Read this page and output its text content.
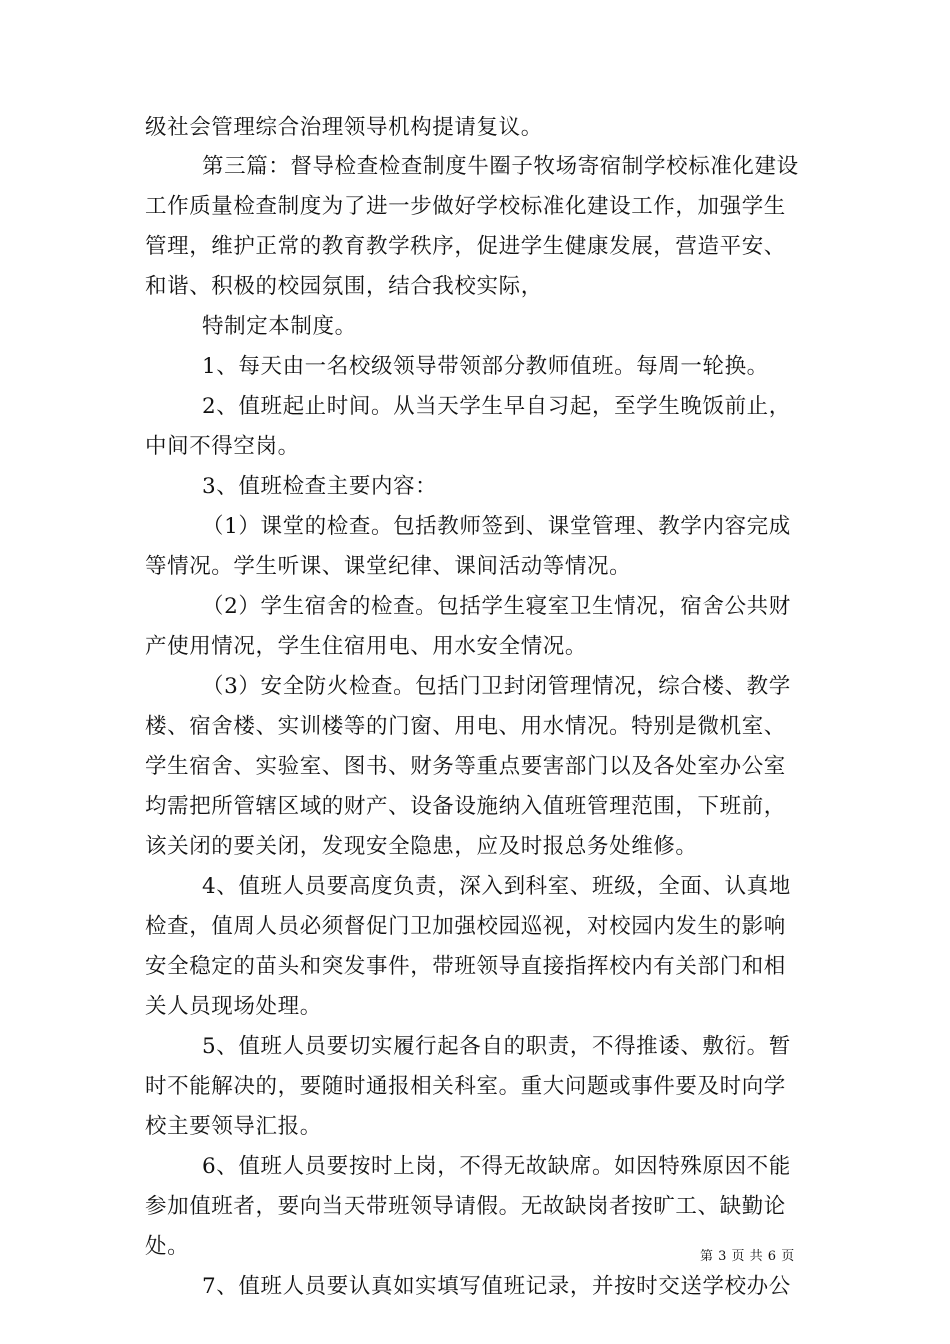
级社会管理综合治理领导机构提请复议。
第三篇：督导检查检查制度牛圈子牧场寄宿制学校标准化建设
工作质量检查制度为了进一步做好学校标准化建设工作，加强学生
管理，维护正常的教育教学秩序，促进学生健康发展，营造平安、
和谐、积极的校园氛围，结合我校实际，
特制定本制度。
1、每天由一名校级领导带领部分教师值班。每周一轮换。
2、值班起止时间。从当天学生早自习起，至学生晚饭前止，
中间不得空岗。
3、值班检查主要内容：
（1）课堂的检查。包括教师签到、课堂管理、教学内容完成
等情况。学生听课、课堂纪律、课间活动等情况。
（2）学生宿舍的检查。包括学生寝室卫生情况，宿舍公共财
产使用情况，学生住宿用电、用水安全情况。
（3）安全防火检查。包括门卫封闭管理情况，综合楼、教学
楼、宿舍楼、实训楼等的门窗、用电、用水情况。特别是微机室、
学生宿舍、实验室、图书、财务等重点要害部门以及各处室办公室
均需把所管辖区域的财产、设备设施纳入值班管理范围，下班前，
该关闭的要关闭，发现安全隐患，应及时报总务处维修。
4、值班人员要高度负责，深入到科室、班级，全面、认真地
检查，值周人员必须督促门卫加强校园巡视，对校园内发生的影响
安全稳定的苗头和突发事件，带班领导直接指挥校内有关部门和相
关人员现场处理。
5、值班人员要切实履行起各自的职责，不得推诿、敷衍。暂
时不能解决的，要随时通报相关科室。重大问题或事件要及时向学
校主要领导汇报。
6、值班人员要按时上岗，不得无故缺席。如因特殊原因不能
参加值班者，要向当天带班领导请假。无故缺岗者按旷工、缺勤论
处。
7、值班人员要认真如实填写值班记录，并按时交送学校办公
第 3 页 共 6 页
